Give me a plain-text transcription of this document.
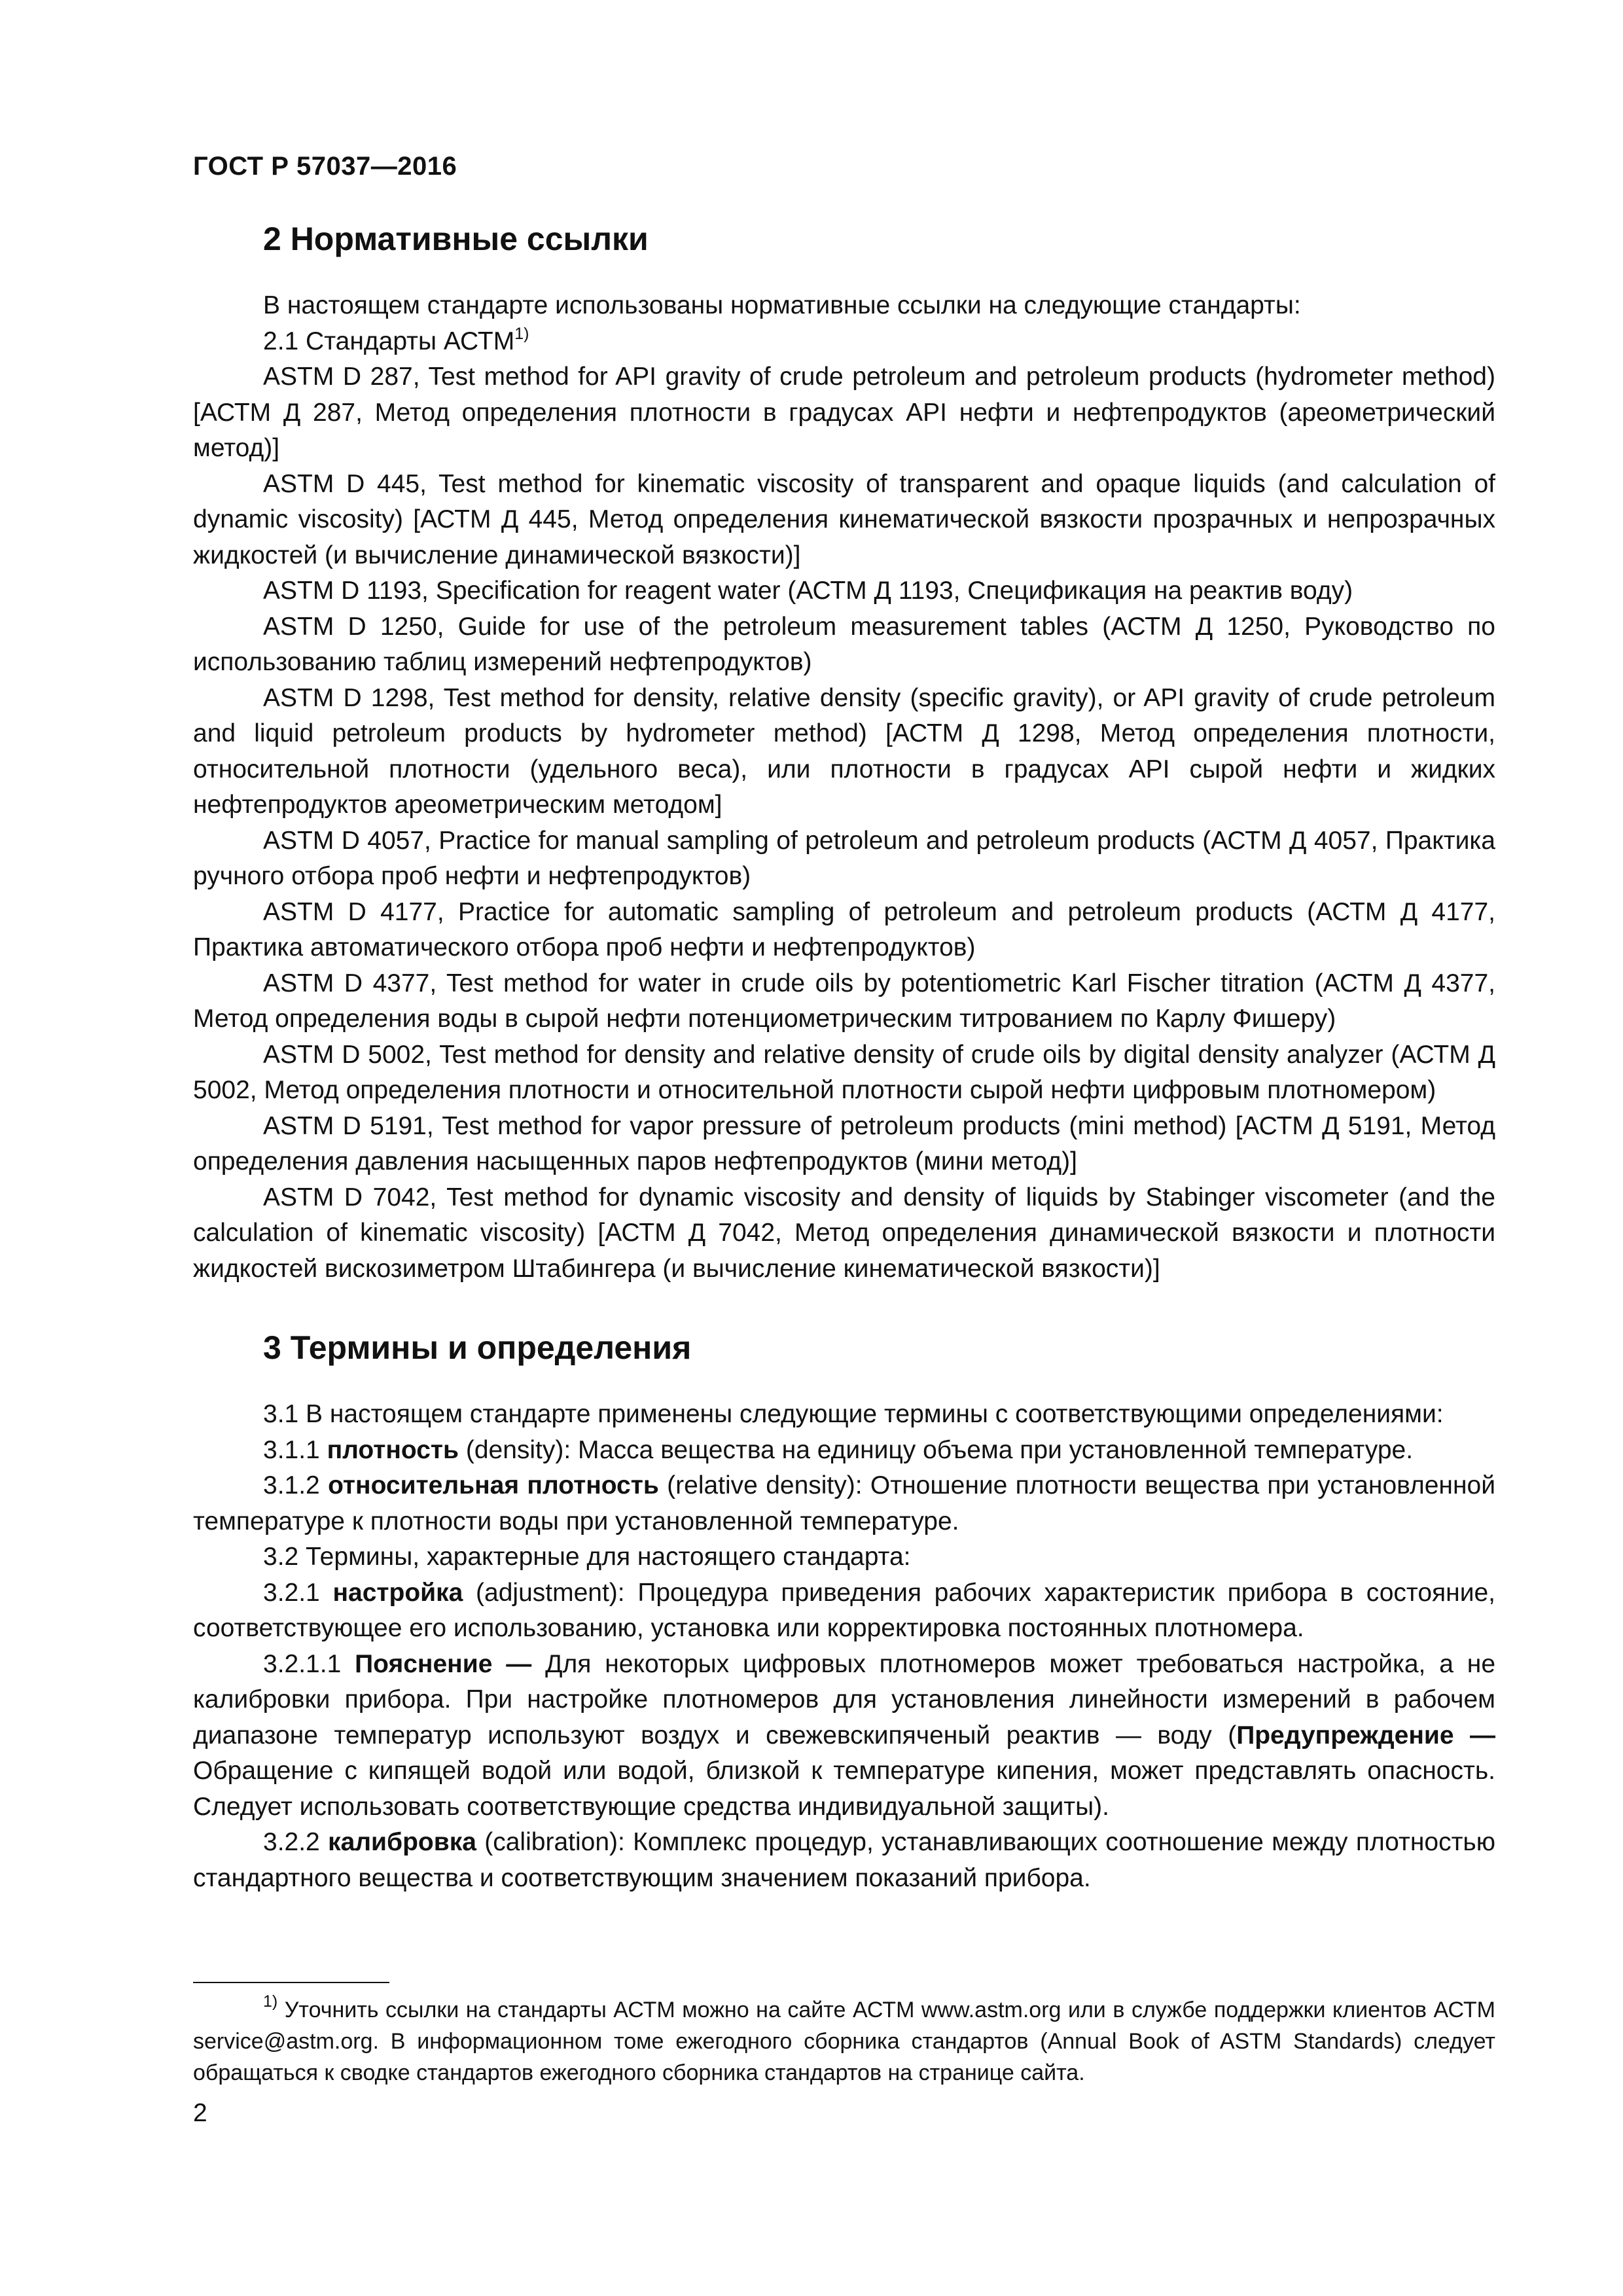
ГОСТ Р 57037—2016
2 Нормативные ссылки

В настоящем стандарте использованы нормативные ссылки на следующие стандарты:

2.1 Стандарты АСТМ$^{1)}$

ASTM D 287, Test method for API gravity of crude petroleum and petroleum products (hydrometer method) [АСТМ Д 287, Метод определения плотности в градусах API нефти и нефтепродуктов (ареометрический метод)]

ASTM D 445, Test method for kinematic viscosity of transparent and opaque liquids (and calculation of dynamic viscosity) [АСТМ Д 445, Метод определения кинематической вязкости прозрачных и непрозрачных жидкостей (и вычисление динамической вязкости)]

ASTM D 1193, Specification for reagent water (АСТМ Д 1193, Спецификация на реактив воду)

ASTM D 1250, Guide for use of the petroleum measurement tables (АСТМ Д 1250, Руководство по использованию таблиц измерений нефтепродуктов)

ASTM D 1298, Test method for density, relative density (specific gravity), or API gravity of crude petroleum and liquid petroleum products by hydrometer method) [АСТМ Д 1298, Метод определения плотности, относительной плотности (удельного веса), или плотности в градусах API сырой нефти и жидких нефтепродуктов ареометрическим методом]

ASTM D 4057, Practice for manual sampling of petroleum and petroleum products (АСТМ Д 4057, Практика ручного отбора проб нефти и нефтепродуктов)

ASTM D 4177, Practice for automatic sampling of petroleum and petroleum products (АСТМ Д 4177, Практика автоматического отбора проб нефти и нефтепродуктов)

ASTM D 4377, Test method for water in crude oils by potentiometric Karl Fischer titration (АСТМ Д 4377, Метод определения воды в сырой нефти потенциометрическим титрованием по Карлу Фишеру)

ASTM D 5002, Test method for density and relative density of crude oils by digital density analyzer (АСТМ Д 5002, Метод определения плотности и относительной плотности сырой нефти цифровым плотномером)

ASTM D 5191, Test method for vapor pressure of petroleum products (mini method) [АСТМ Д 5191, Метод определения давления насыщенных паров нефтепродуктов (мини метод)]

ASTM D 7042, Test method for dynamic viscosity and density of liquids by Stabinger viscometer (and the calculation of kinematic viscosity) [АСТМ Д 7042, Метод определения динамической вязкости и плотности жидкостей вискозиметром Штабингера (и вычисление кинематической вязкости)]

3 Термины и определения

3.1 В настоящем стандарте применены следующие термины с соответствующими определениями:

3.1.1 плотность (density): Масса вещества на единицу объема при установленной температуре.

3.1.2 относительная плотность (relative density): Отношение плотности вещества при установленной температуре к плотности воды при установленной температуре.

3.2 Термины, характерные для настоящего стандарта:

3.2.1 настройка (adjustment): Процедура приведения рабочих характеристик прибора в состояние, соответствующее его использованию, установка или корректировка постоянных плотномера.

3.2.1.1 Пояснение — Для некоторых цифровых плотномеров может требоваться настройка, а не калибровки прибора. При настройке плотномеров для установления линейности измерений в рабочем диапазоне температур используют воздух и свежевскипяченый реактив — воду (Предупреждение — Обращение с кипящей водой или водой, близкой к температуре кипения, может представлять опасность. Следует использовать соответствующие средства индивидуальной защиты).

3.2.2 калибровка (calibration): Комплекс процедур, устанавливающих соотношение между плотностью стандартного вещества и соответствующим значением показаний прибора.

$^{1)}$ Уточнить ссылки на стандарты АСТМ можно на сайте АСТМ www.astm.org или в службе поддержки клиентов АСТМ service@astm.org. В информационном томе ежегодного сборника стандартов (Annual Book of ASTM Standards) следует обращаться к сводке стандартов ежегодного сборника стандартов на странице сайта.
2
